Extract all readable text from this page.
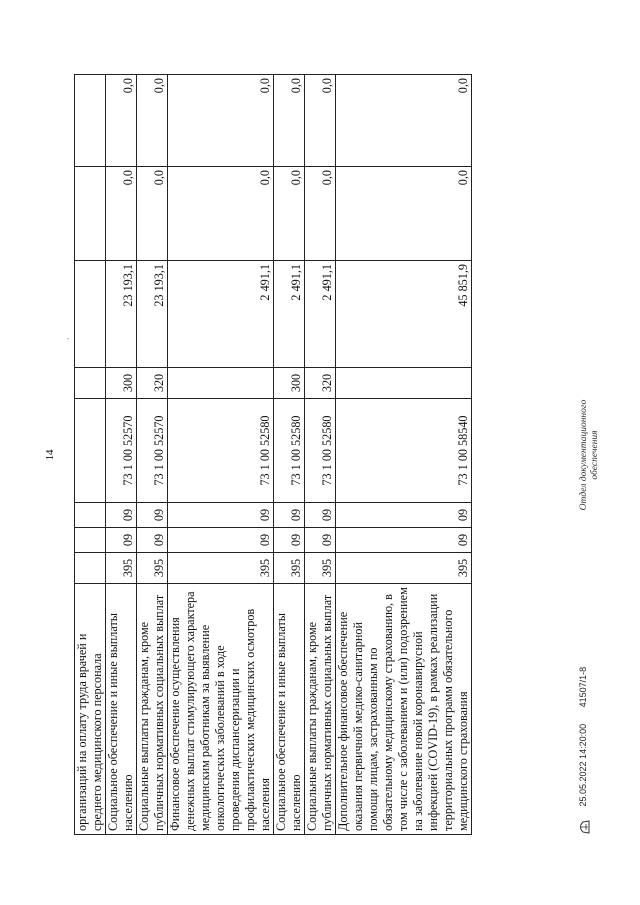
14
·
организаций на оплату труда врачей и среднего медицинского персонала								
Социальное обеспечение и иные выплаты населению	395	09	09	73 1 00 52570	300	23 193,1	0,0	0,0
Социальные выплаты гражданам, кроме публичных нормативных социальных выплат	395	09	09	73 1 00 52570	320	23 193,1	0,0	0,0
Финансовое обеспечение осуществления денежных выплат стимулирующего характера медицинским работникам за выявление онкологических заболеваний в ходе проведения диспансеризации и профилактических медицинских осмотров населения	395	09	09	73 1 00 52580		2 491,1	0,0	0,0
Социальное обеспечение и иные выплаты населению	395	09	09	73 1 00 52580	300	2 491,1	0,0	0,0
Социальные выплаты гражданам, кроме публичных нормативных социальных выплат	395	09	09	73 1 00 52580	320	2 491,1	0,0	0,0
Дополнительное финансовое обеспечение оказания первичной медико-санитарной помощи лицам, застрахованным по обязательному медицинскому страхованию, в том числе с заболеванием и (или) подозрением на заболевание новой коронавирусной инфекцией (COVID-19), в рамках реализации территориальных программ обязательного медицинского страхования	395	09	09	73 1 00 58540		45 851,9	0,0	0,0
25.05.2022 14:20:00 41507/1-8
Отдел документационного обеспечения
